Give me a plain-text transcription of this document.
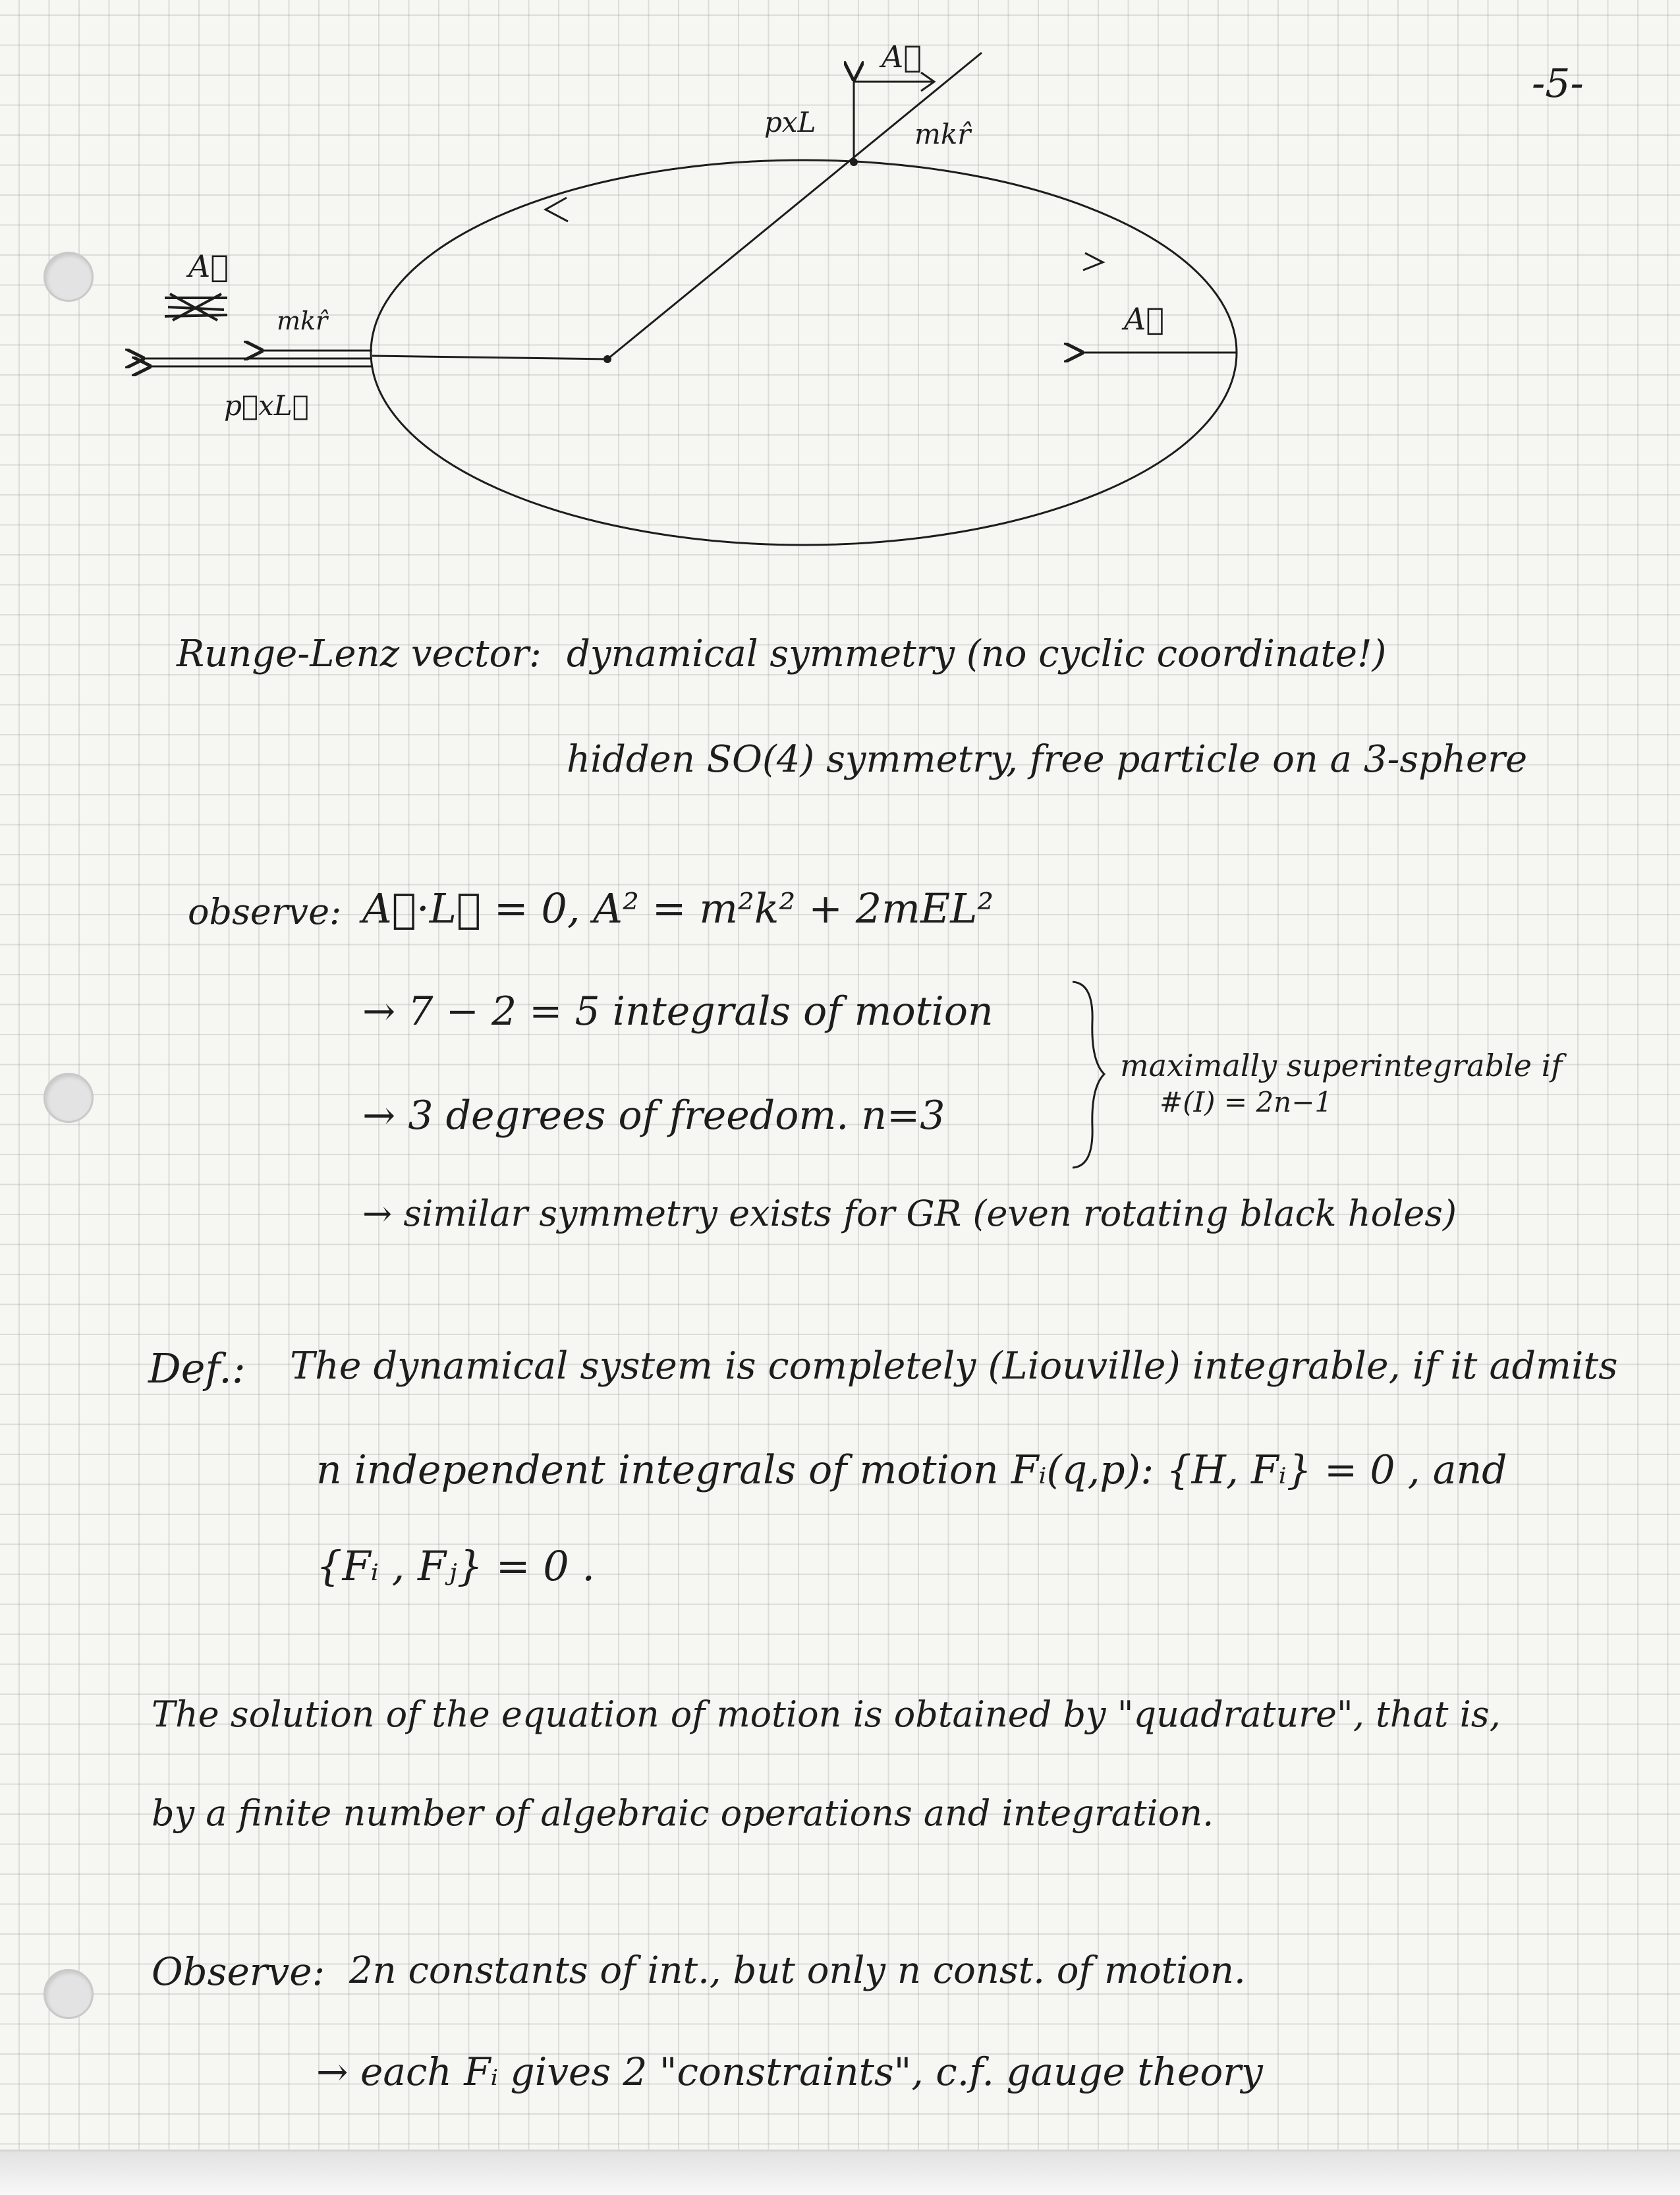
-5-
pxL	mkr̂
A⃗
A⃗
A⃗
mkr̂
p⃗xL⃗
Runge-Lenz vector: dynamical symmetry (no cyclic coordinate!)
hidden SO(4) symmetry, free particle on a 3-sphere
observe: A⃗·L⃗ = 0, A² = m²k² + 2mEL²
→ 7 − 2 = 5 integrals of motion
→ 3 degrees of freedom. n=3
maximally superintegrable if
#(I) = 2n−1
→ similar symmetry exists for GR (even rotating black holes)
Def.: The dynamical system is completely (Liouville) integrable, if it admits
n independent integrals of motion Fᵢ(q,p): {H, Fᵢ} = 0 , and
{Fᵢ , Fⱼ} = 0 .
The solution of the equation of motion is obtained by "quadrature", that is,
by a finite number of algebraic operations and integration.
Observe: 2n constants of int., but only n const. of motion.
→ each Fᵢ gives 2 "constraints", c.f. gauge theory
